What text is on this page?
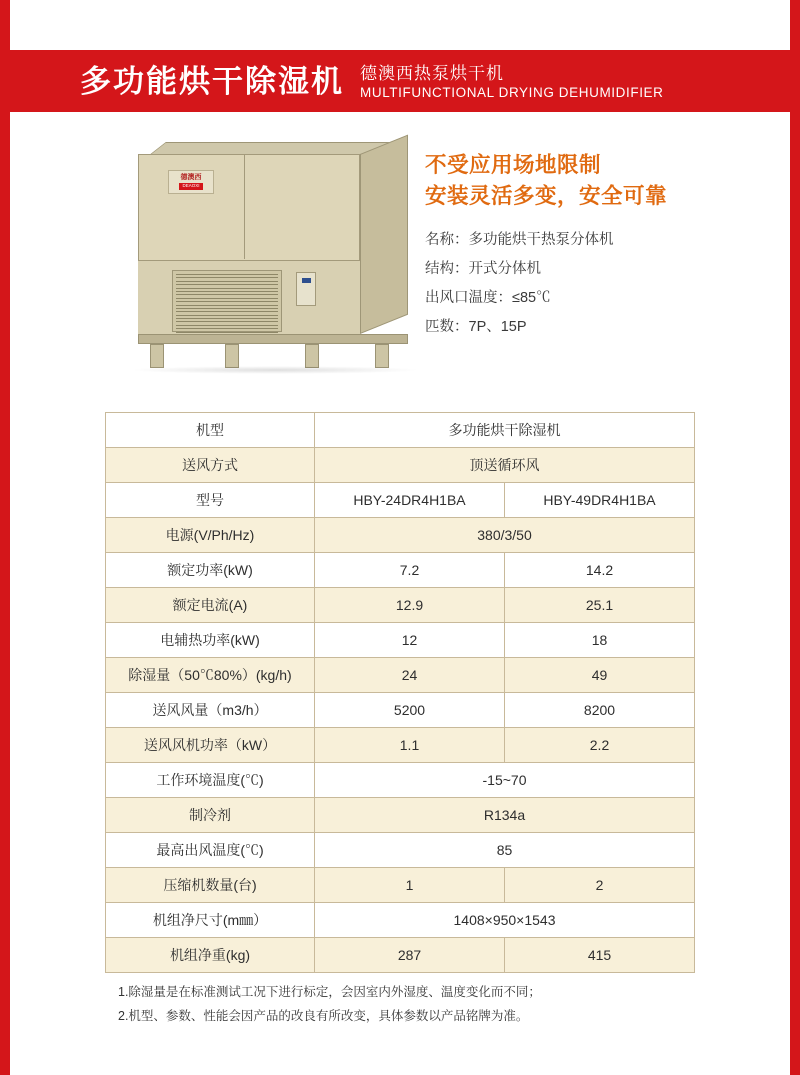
多功能烘干除湿机 德澳西热泵烘干机
MULTIFUNCTIONAL DRYING DEHUMIDIFIER
德澳西
DEAOXI
不受应用场地限制
安装灵活多变，安全可靠
名称：多功能烘干热泵分体机
结构：开式分体机
出风口温度：≤85℃
匹数：7P、15P
机型	多功能烘干除湿机	
送风方式	顶送循环风	
型号	HBY-24DR4H1BA	HBY-49DR4H1BA
电源(V/Ph/Hz)	380/3/50	
额定功率(kW)	7.2	14.2
额定电流(A)	12.9	25.1
电辅热功率(kW)	12	18
除湿量（50℃80%）(kg/h)	24	49
送风风量（m3/h）	5200	8200
送风风机功率（kW）	1.1	2.2
工作环境温度(℃)	-15~70	
制冷剂	R134a	
最高出风温度(℃)	85	
压缩机数量(台)	1	2
机组净尺寸(m㎜）	1408×950×1543	
机组净重(kg)	287	415
1.除湿量是在标准测试工况下进行标定，会因室内外湿度、温度变化而不同；
2.机型、参数、性能会因产品的改良有所改变，具体参数以产品铭牌为准。
